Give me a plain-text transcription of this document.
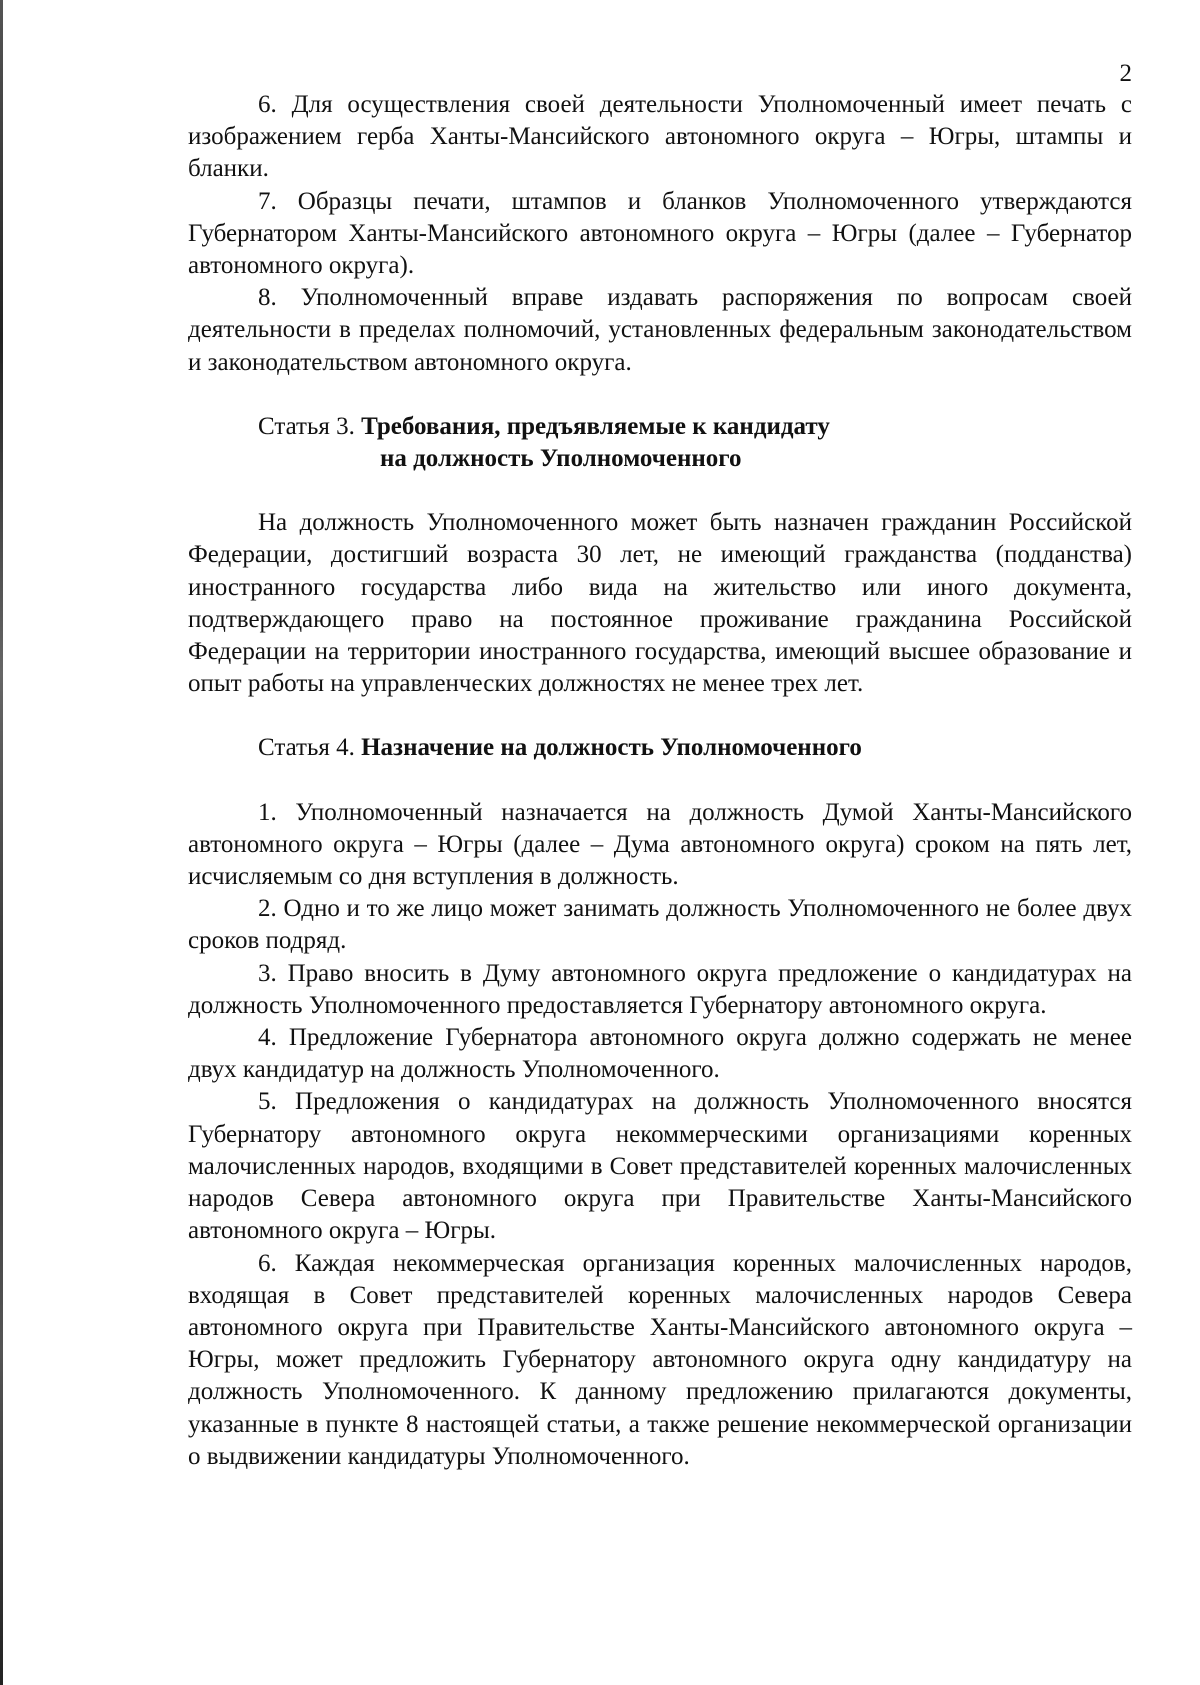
2

6. Для осуществления своей деятельности Уполномоченный имеет печать с изображением герба Ханты-Мансийского автономного округа – Югры, штампы и бланки.

7. Образцы печати, штампов и бланков Уполномоченного утверждаются Губернатором Ханты-Мансийского автономного округа – Югры (далее – Губернатор автономного округа).

8. Уполномоченный вправе издавать распоряжения по вопросам своей деятельности в пределах полномочий, установленных федеральным законодательством и законодательством автономного округа.

Статья 3. Требования, предъявляемые к кандидату
на должность Уполномоченного

На должность Уполномоченного может быть назначен гражданин Российской Федерации, достигший возраста 30 лет, не имеющий гражданства (подданства) иностранного государства либо вида на жительство или иного документа, подтверждающего право на постоянное проживание гражданина Российской Федерации на территории иностранного государства, имеющий высшее образование и опыт работы на управленческих должностях не менее трех лет.

Статья 4. Назначение на должность Уполномоченного

1. Уполномоченный назначается на должность Думой Ханты-Мансийского автономного округа – Югры (далее – Дума автономного округа) сроком на пять лет, исчисляемым со дня вступления в должность.

2. Одно и то же лицо может занимать должность Уполномоченного не более двух сроков подряд.

3. Право вносить в Думу автономного округа предложение о кандидатурах на должность Уполномоченного предоставляется Губернатору автономного округа.

4. Предложение Губернатора автономного округа должно содержать не менее двух кандидатур на должность Уполномоченного.

5. Предложения о кандидатурах на должность Уполномоченного вносятся Губернатору автономного округа некоммерческими организациями коренных малочисленных народов, входящими в Совет представителей коренных малочисленных народов Севера автономного округа при Правительстве Ханты-Мансийского автономного округа – Югры.

6. Каждая некоммерческая организация коренных малочисленных народов, входящая в Совет представителей коренных малочисленных народов Севера автономного округа при Правительстве Ханты-Мансийского автономного округа – Югры, может предложить Губернатору автономного округа одну кандидатуру на должность Уполномоченного. К данному предложению прилагаются документы, указанные в пункте 8 настоящей статьи, а также решение некоммерческой организации о выдвижении кандидатуры Уполномоченного.
